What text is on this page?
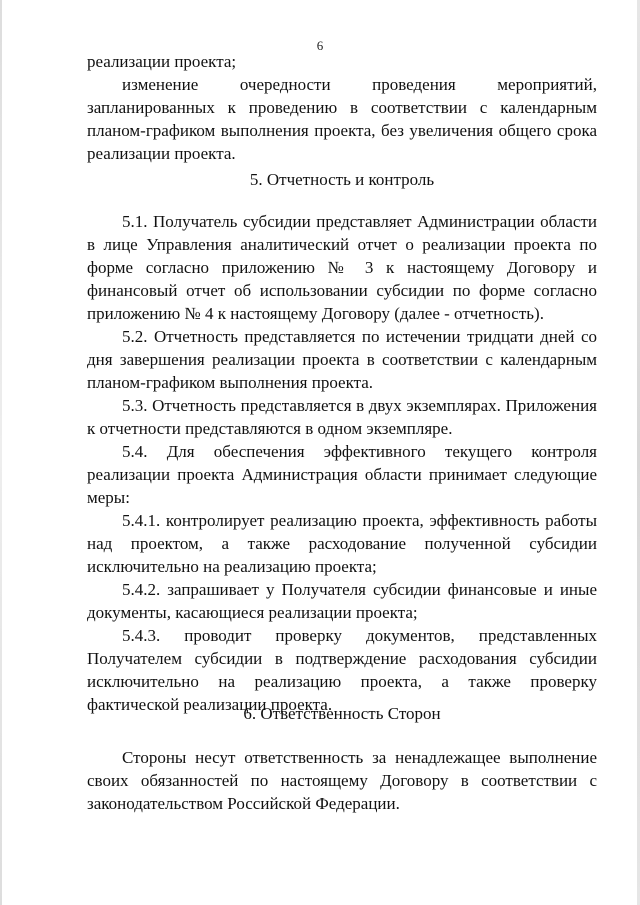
6

реализации проекта;

изменение очередности проведения мероприятий, запланированных к проведению в соответствии с календарным планом-графиком выполнения проекта, без увеличения общего срока реализации проекта.

5. Отчетность и контроль

5.1. Получатель субсидии представляет Администрации области в лице Управления аналитический отчет о реализации проекта по форме согласно приложению № 3 к настоящему Договору и финансовый отчет об использовании субсидии по форме согласно приложению № 4 к настоящему Договору (далее - отчетность).

5.2. Отчетность представляется по истечении тридцати дней со дня завершения реализации проекта в соответствии с календарным планом-графиком выполнения проекта.

5.3. Отчетность представляется в двух экземплярах. Приложения к отчетности представляются в одном экземпляре.

5.4. Для обеспечения эффективного текущего контроля реализации проекта Администрация области принимает следующие меры:

5.4.1. контролирует реализацию проекта, эффективность работы над проектом, а также расходование полученной субсидии исключительно на реализацию проекта;

5.4.2. запрашивает у Получателя субсидии финансовые и иные документы, касающиеся реализации проекта;

5.4.3. проводит проверку документов, представленных Получателем субсидии в подтверждение расходования субсидии исключительно на реализацию проекта, а также проверку фактической реализации проекта.

6. Ответственность Сторон

Стороны несут ответственность за ненадлежащее выполнение своих обязанностей по настоящему Договору в соответствии с законодательством Российской Федерации.
